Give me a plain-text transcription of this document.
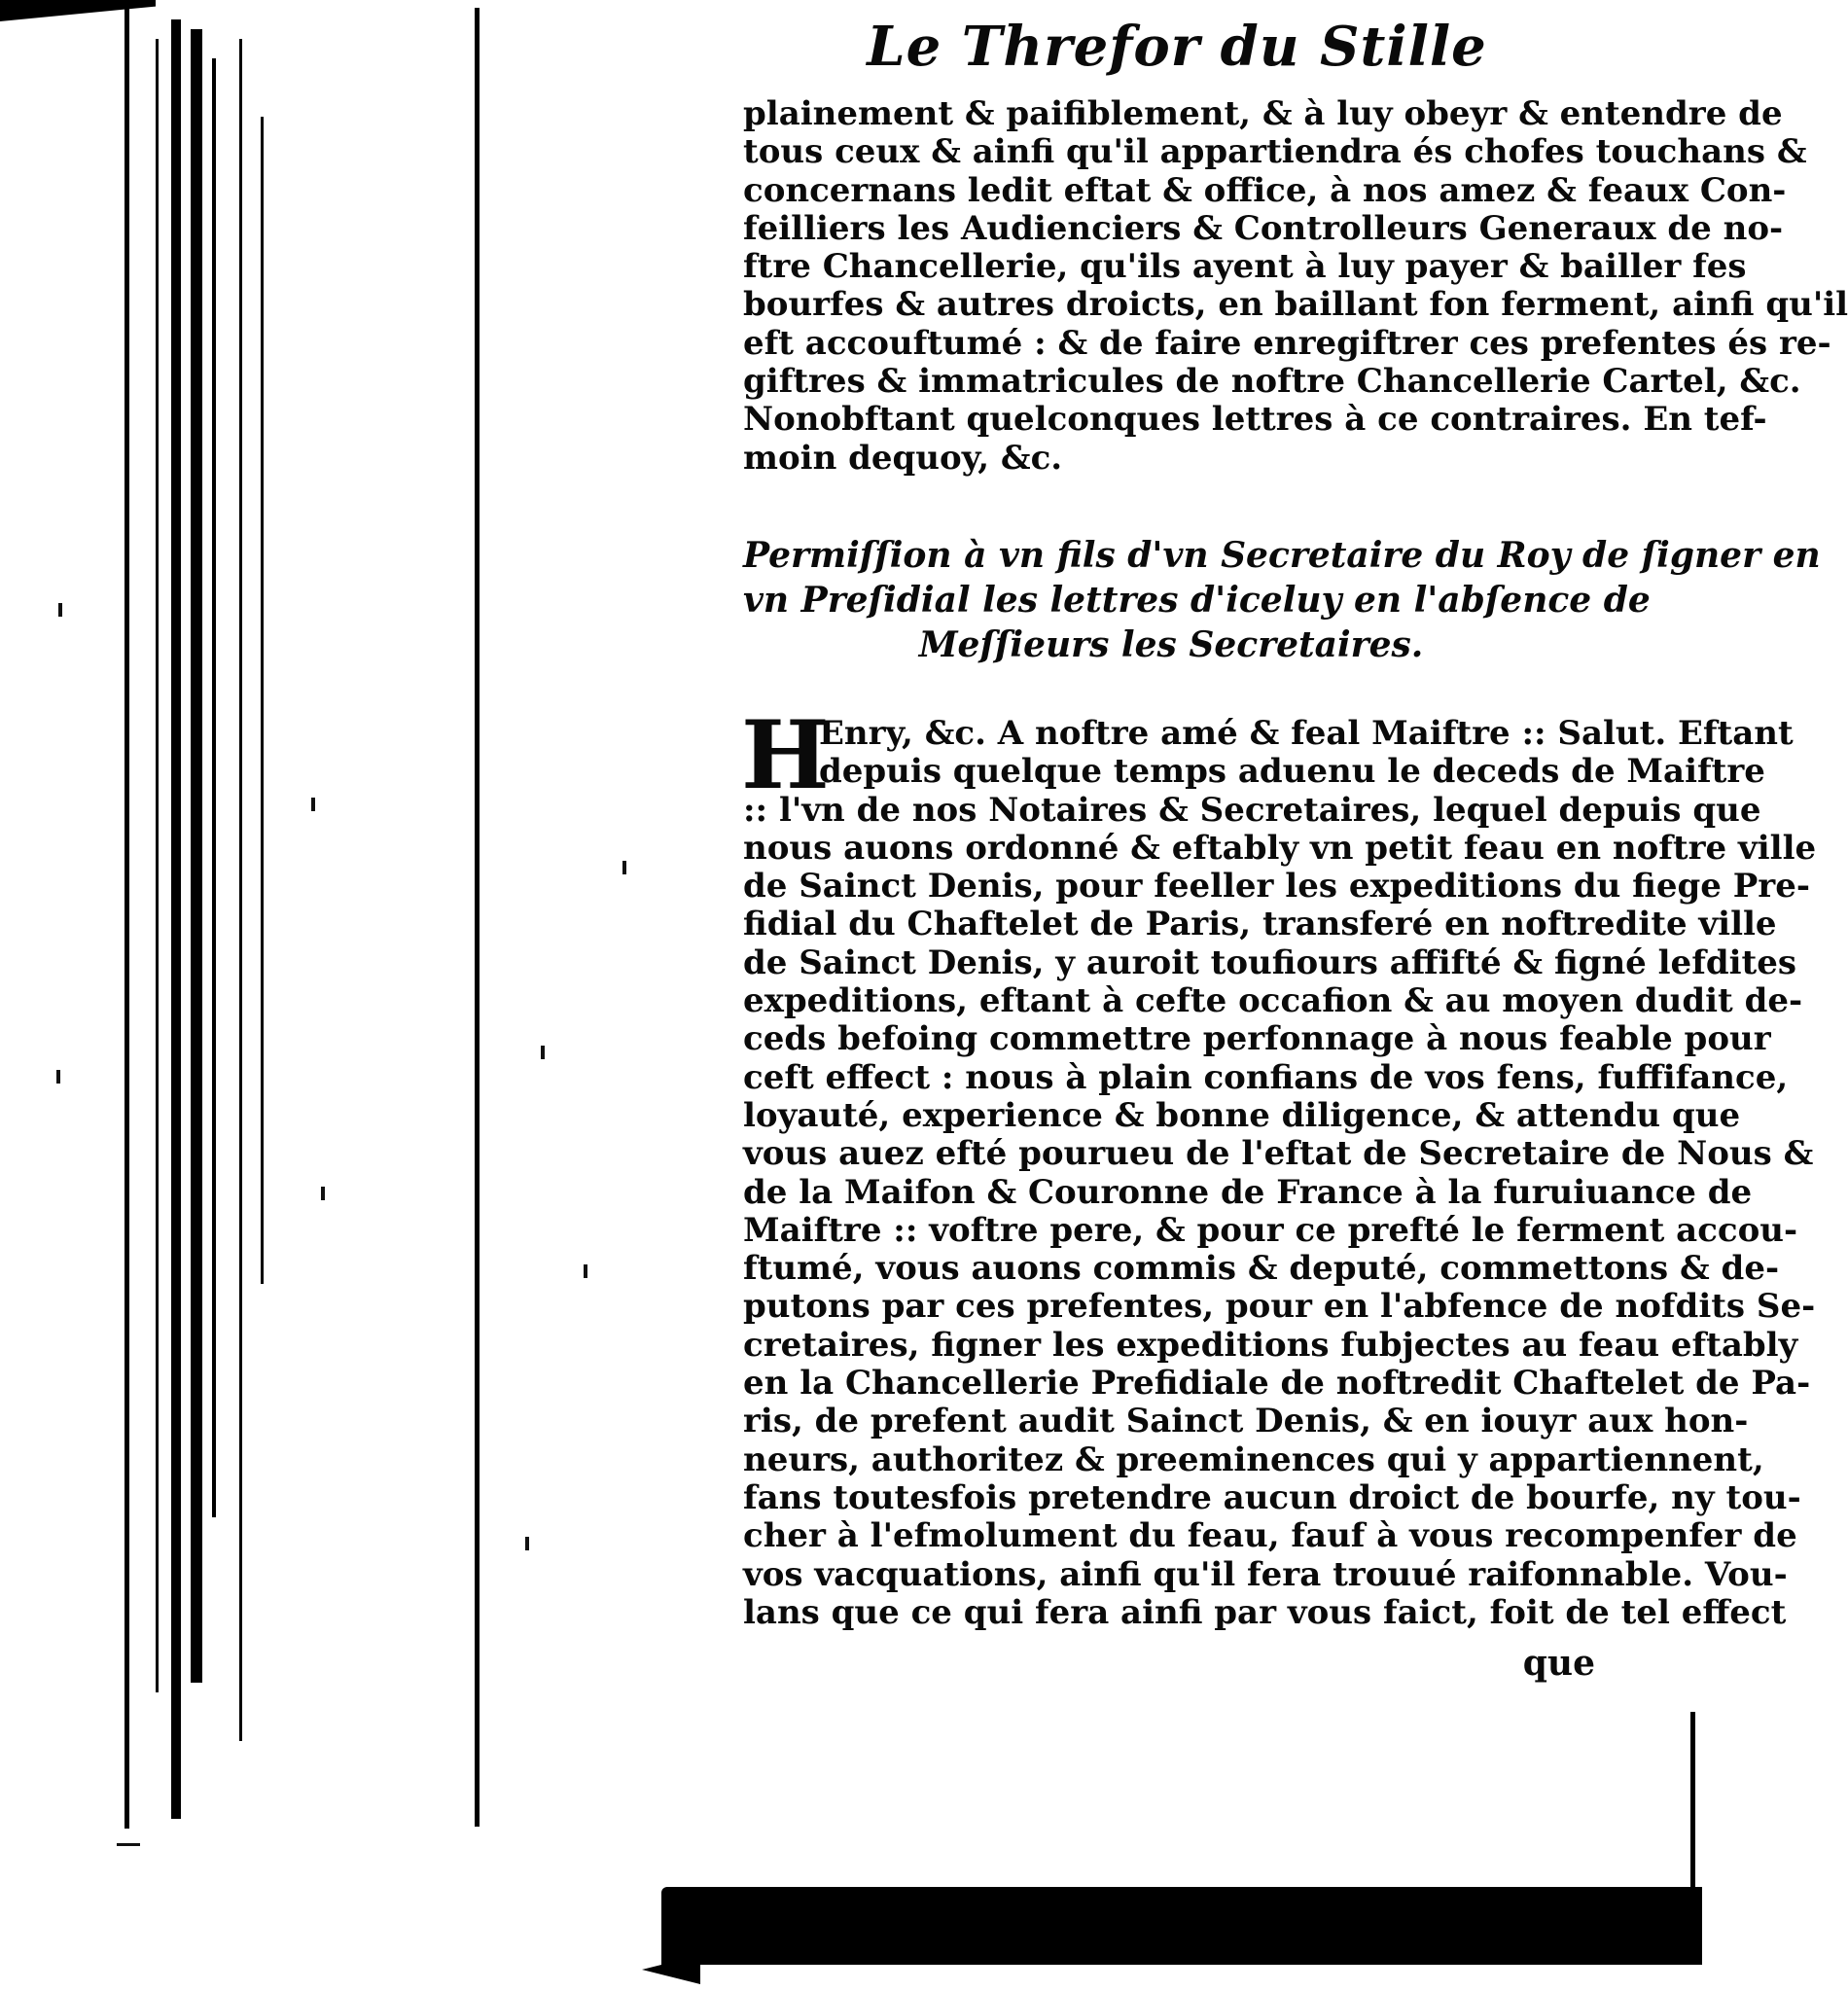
Le Threfor du Stille
plainement & paifiblement, & à luy obeyr & entendre de
tous ceux & ainfi qu'il appartiendra és chofes touchans &
concernans ledit eftat & office, à nos amez & feaux Con-
feilliers les Audienciers & Controlleurs Generaux de no-
ftre Chancellerie, qu'ils ayent à luy payer & bailler fes
bourfes & autres droicts, en baillant fon ferment, ainfi qu'il
eft accouftumé : & de faire enregiftrer ces prefentes és re-
giftres & immatricules de noftre Chancellerie Cartel, &c.
Nonobftant quelconques lettres à ce contraires. En tef-
moin dequoy, &c.
Permiſſion à vn fils d'vn Secretaire du Roy de ſigner en
vn Preſidial les lettres d'iceluy en l'abſence de
Meſſieurs les Secretaires.
H
Enry, &c. A noftre amé & feal Maiftre :: Salut. Eftant
depuis quelque temps aduenu le deceds de Maiftre
:: l'vn de nos Notaires & Secretaires, lequel depuis que
nous auons ordonné & eftably vn petit feau en noftre ville
de Sainct Denis, pour feeller les expeditions du fiege Pre-
fidial du Chaftelet de Paris, transferé en noftredite ville
de Sainct Denis, y auroit toufiours affifté & figné lefdites
expeditions, eftant à cefte occafion & au moyen dudit de-
ceds befoing commettre perfonnage à nous feable pour
ceft effect : nous à plain confians de vos fens, fuffifance,
loyauté, experience & bonne diligence, & attendu que
vous auez efté pourueu de l'eftat de Secretaire de Nous &
de la Maifon & Couronne de France à la furuiuance de
Maiftre :: voftre pere, & pour ce prefté le ferment accou-
ftumé, vous auons commis & deputé, commettons & de-
putons par ces prefentes, pour en l'abfence de nofdits Se-
cretaires, figner les expeditions fubjectes au feau eftably
en la Chancellerie Prefidiale de noftredit Chaftelet de Pa-
ris, de prefent audit Sainct Denis, & en iouyr aux hon-
neurs, authoritez & preeminences qui y appartiennent,
fans toutesfois pretendre aucun droict de bourfe, ny tou-
cher à l'efmolument du feau, fauf à vous recompenfer de
vos vacquations, ainfi qu'il fera trouué raifonnable. Vou-
lans que ce qui fera ainfi par vous faict, foit de tel effect
que
